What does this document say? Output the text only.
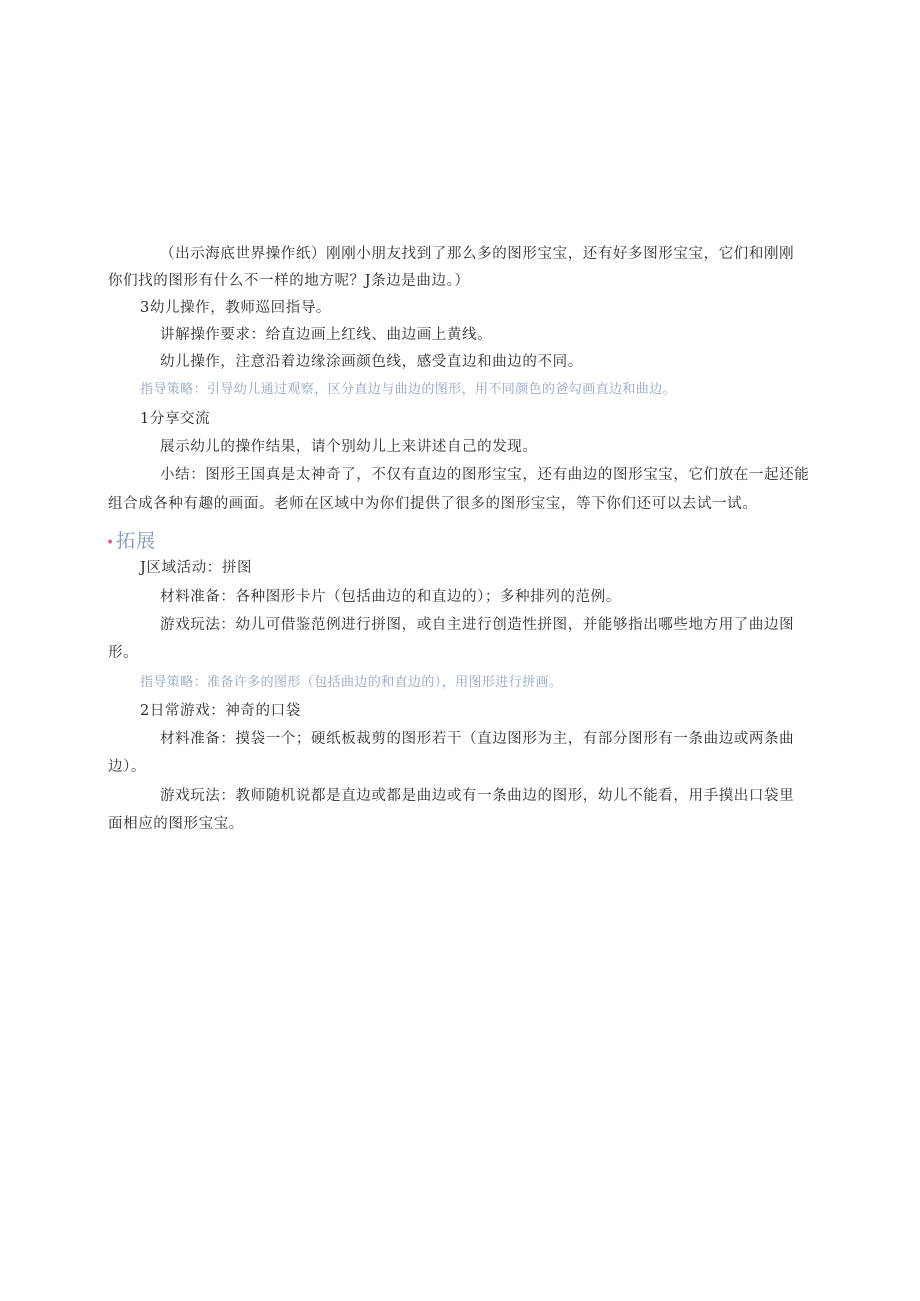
（出示海底世界操作纸）刚刚小朋友找到了那么多的图形宝宝，还有好多图形宝宝，它们和刚刚
你们找的图形有什么不一样的地方呢？J条边是曲边。）
3幼儿操作，教师巡回指导。
讲解操作要求：给直边画上红线、曲边画上黄线。
幼儿操作，注意沿着边缘涂画颜色线，感受直边和曲边的不同。
指导策略：引导幼儿通过观察，区分直边与曲边的图形，用不同颜色的爸勾画直边和曲边。
1分享交流
展示幼儿的操作结果，请个别幼儿上来讲述自己的发现。
小结：图形王国真是太神奇了，不仅有直边的图形宝宝，还有曲边的图形宝宝，它们放在一起还能
组合成各种有趣的画面。老师在区域中为你们提供了很多的图形宝宝，等下你们还可以去试一试。
•拓展
J区域活动：拼图
材料准备：各种图形卡片（包括曲边的和直边的）；多种排列的范例。
游戏玩法：幼儿可借鉴范例进行拼图，或自主进行创造性拼图，并能够指出哪些地方用了曲边图
形。
指导策略：准备许多的图形（包括曲边的和直边的），用图形进行拼画。
2日常游戏：神奇的口袋
材料准备：摸袋一个；硬纸板裁剪的图形若干（直边图形为主，有部分图形有一条曲边或两条曲
边）。
游戏玩法：教师随机说都是直边或都是曲边或有一条曲边的图形，幼儿不能看，用手摸出口袋里
面相应的图形宝宝。
